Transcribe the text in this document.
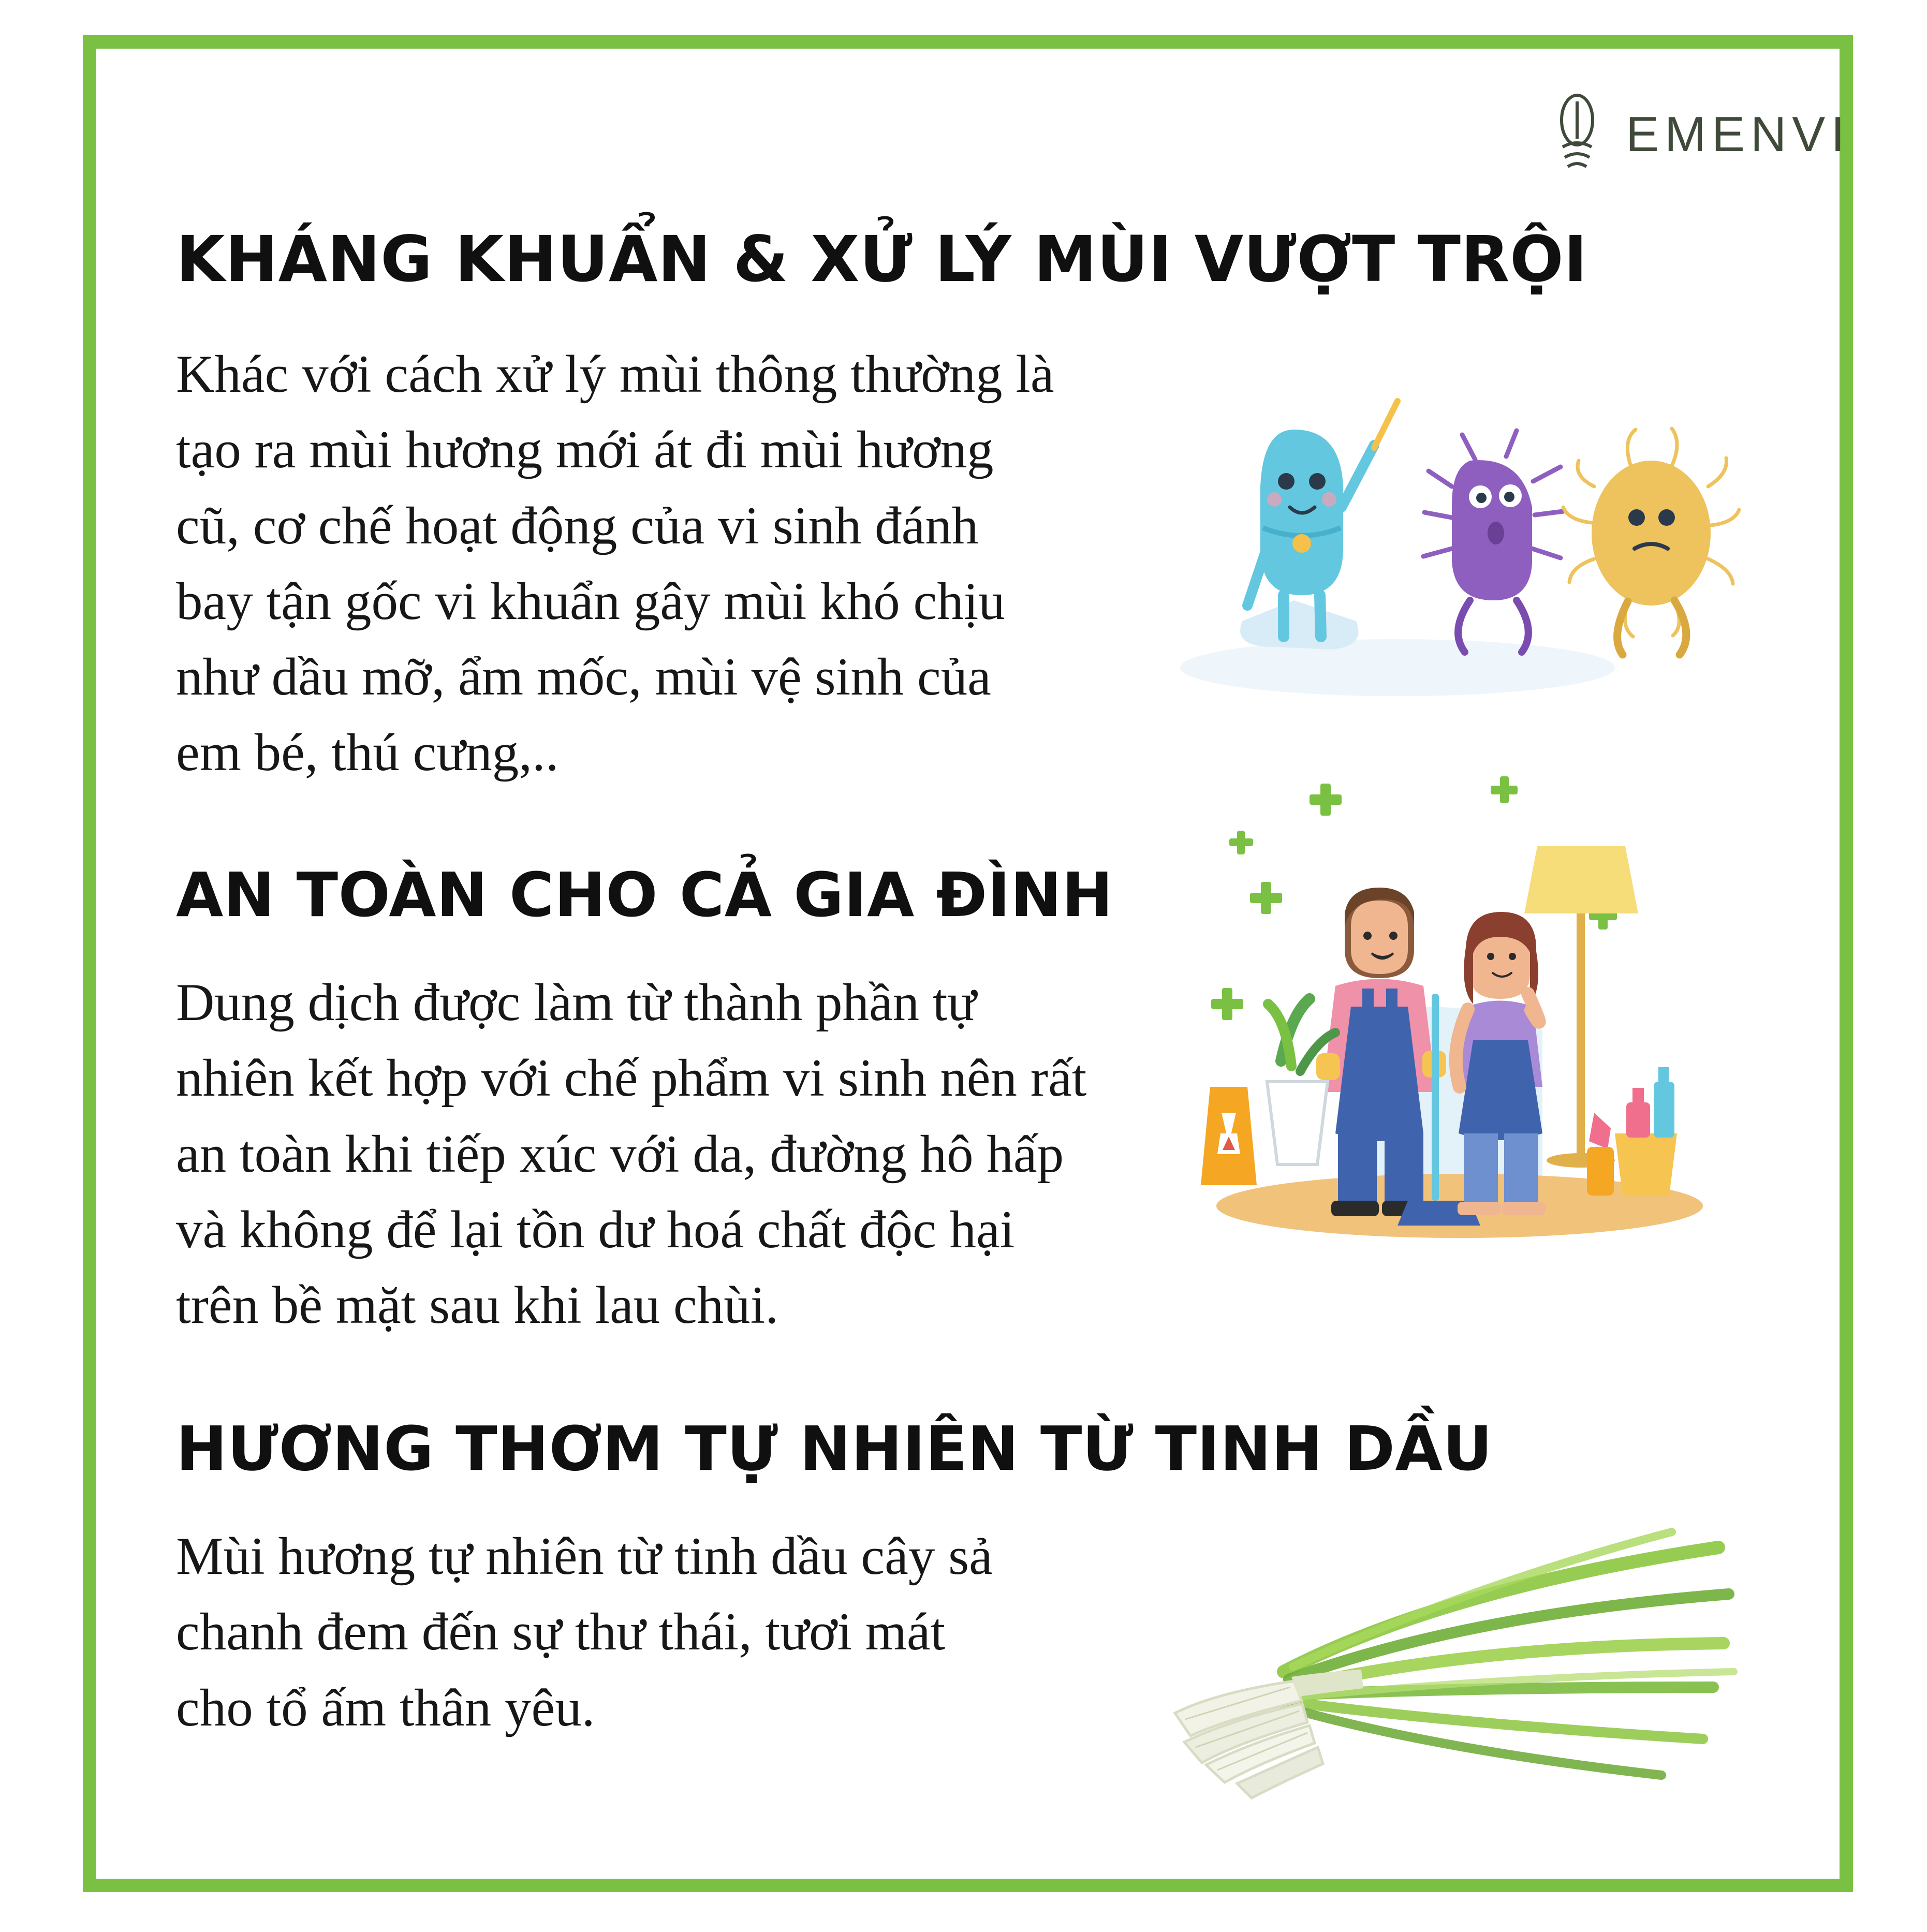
EMENVI
KHÁNG KHUẨN & XỬ LÝ MÙI VƯỢT TRỘI
Khác với cách xử lý mùi thông thường là tạo ra mùi hương mới át đi mùi hương cũ, cơ chế hoạt động của vi sinh đánh bay tận gốc vi khuẩn gây mùi khó chịu như dầu mỡ, ẩm mốc, mùi vệ sinh của em bé, thú cưng,..
AN TOÀN CHO CẢ GIA ĐÌNH
Dung dịch được làm từ thành phần tự nhiên kết hợp với chế phẩm vi sinh nên rất an toàn khi tiếp xúc với da, đường hô hấp và không để lại tồn dư hoá chất độc hại trên bề mặt sau khi lau chùi.
HƯƠNG THƠM TỰ NHIÊN TỪ TINH DẦU
Mùi hương tự nhiên từ tinh dầu cây sả chanh đem đến sự thư thái, tươi mát cho tổ ấm thân yêu.
